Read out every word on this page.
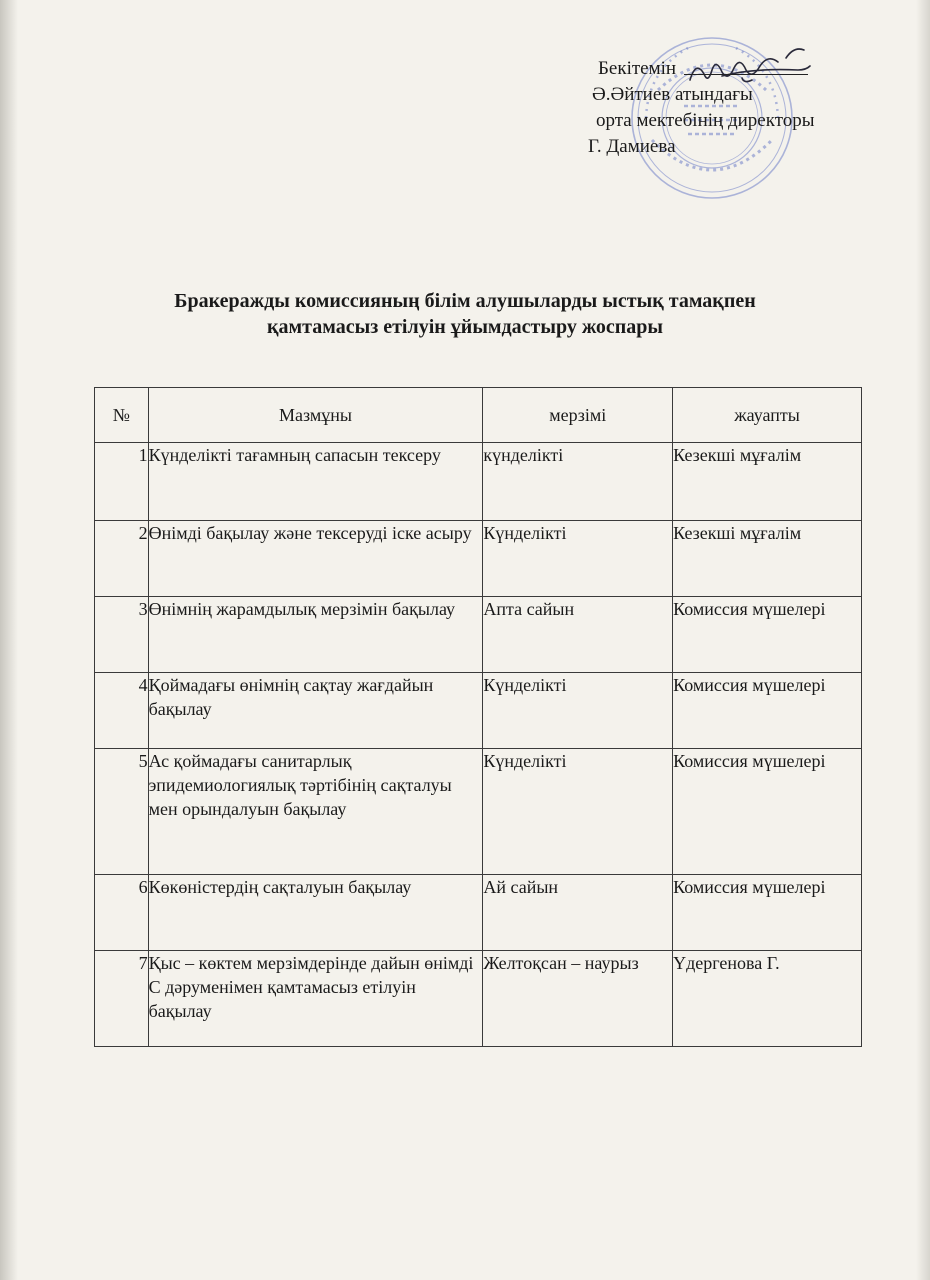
Бекітемін
Ә.Әйтиев атындағы
орта мектебінің директоры
Г. Дамиева
Бракеражды комиссияның білім алушыларды ыстық тамақпен
қамтамасыз етілуін ұйымдастыру жоспары
№	Мазмұны	мерзімі	жауапты
1	Күнделікті тағамның сапасын тексеру	күнделікті	Кезекші мұғалім
2	Өнімді бақылау және тексеруді іске асыру	Күнделікті	Кезекші мұғалім
3	Өнімнің жарамдылық мерзімін бақылау	Апта сайын	Комиссия мүшелері
4	Қоймадағы өнімнің сақтау жағдайын бақылау	Күнделікті	Комиссия мүшелері
5	Ас қоймадағы санитарлық эпидемиологиялық тәртібінің сақталуы мен орындалуын бақылау	Күнделікті	Комиссия мүшелері
6	Көкөністердің сақталуын бақылау	Ай сайын	Комиссия мүшелері
7	Қыс – көктем мерзімдерінде дайын өнімді С дәруменімен қамтамасыз етілуін бақылау	Желтоқсан – наурыз	Үдергенова Г.
